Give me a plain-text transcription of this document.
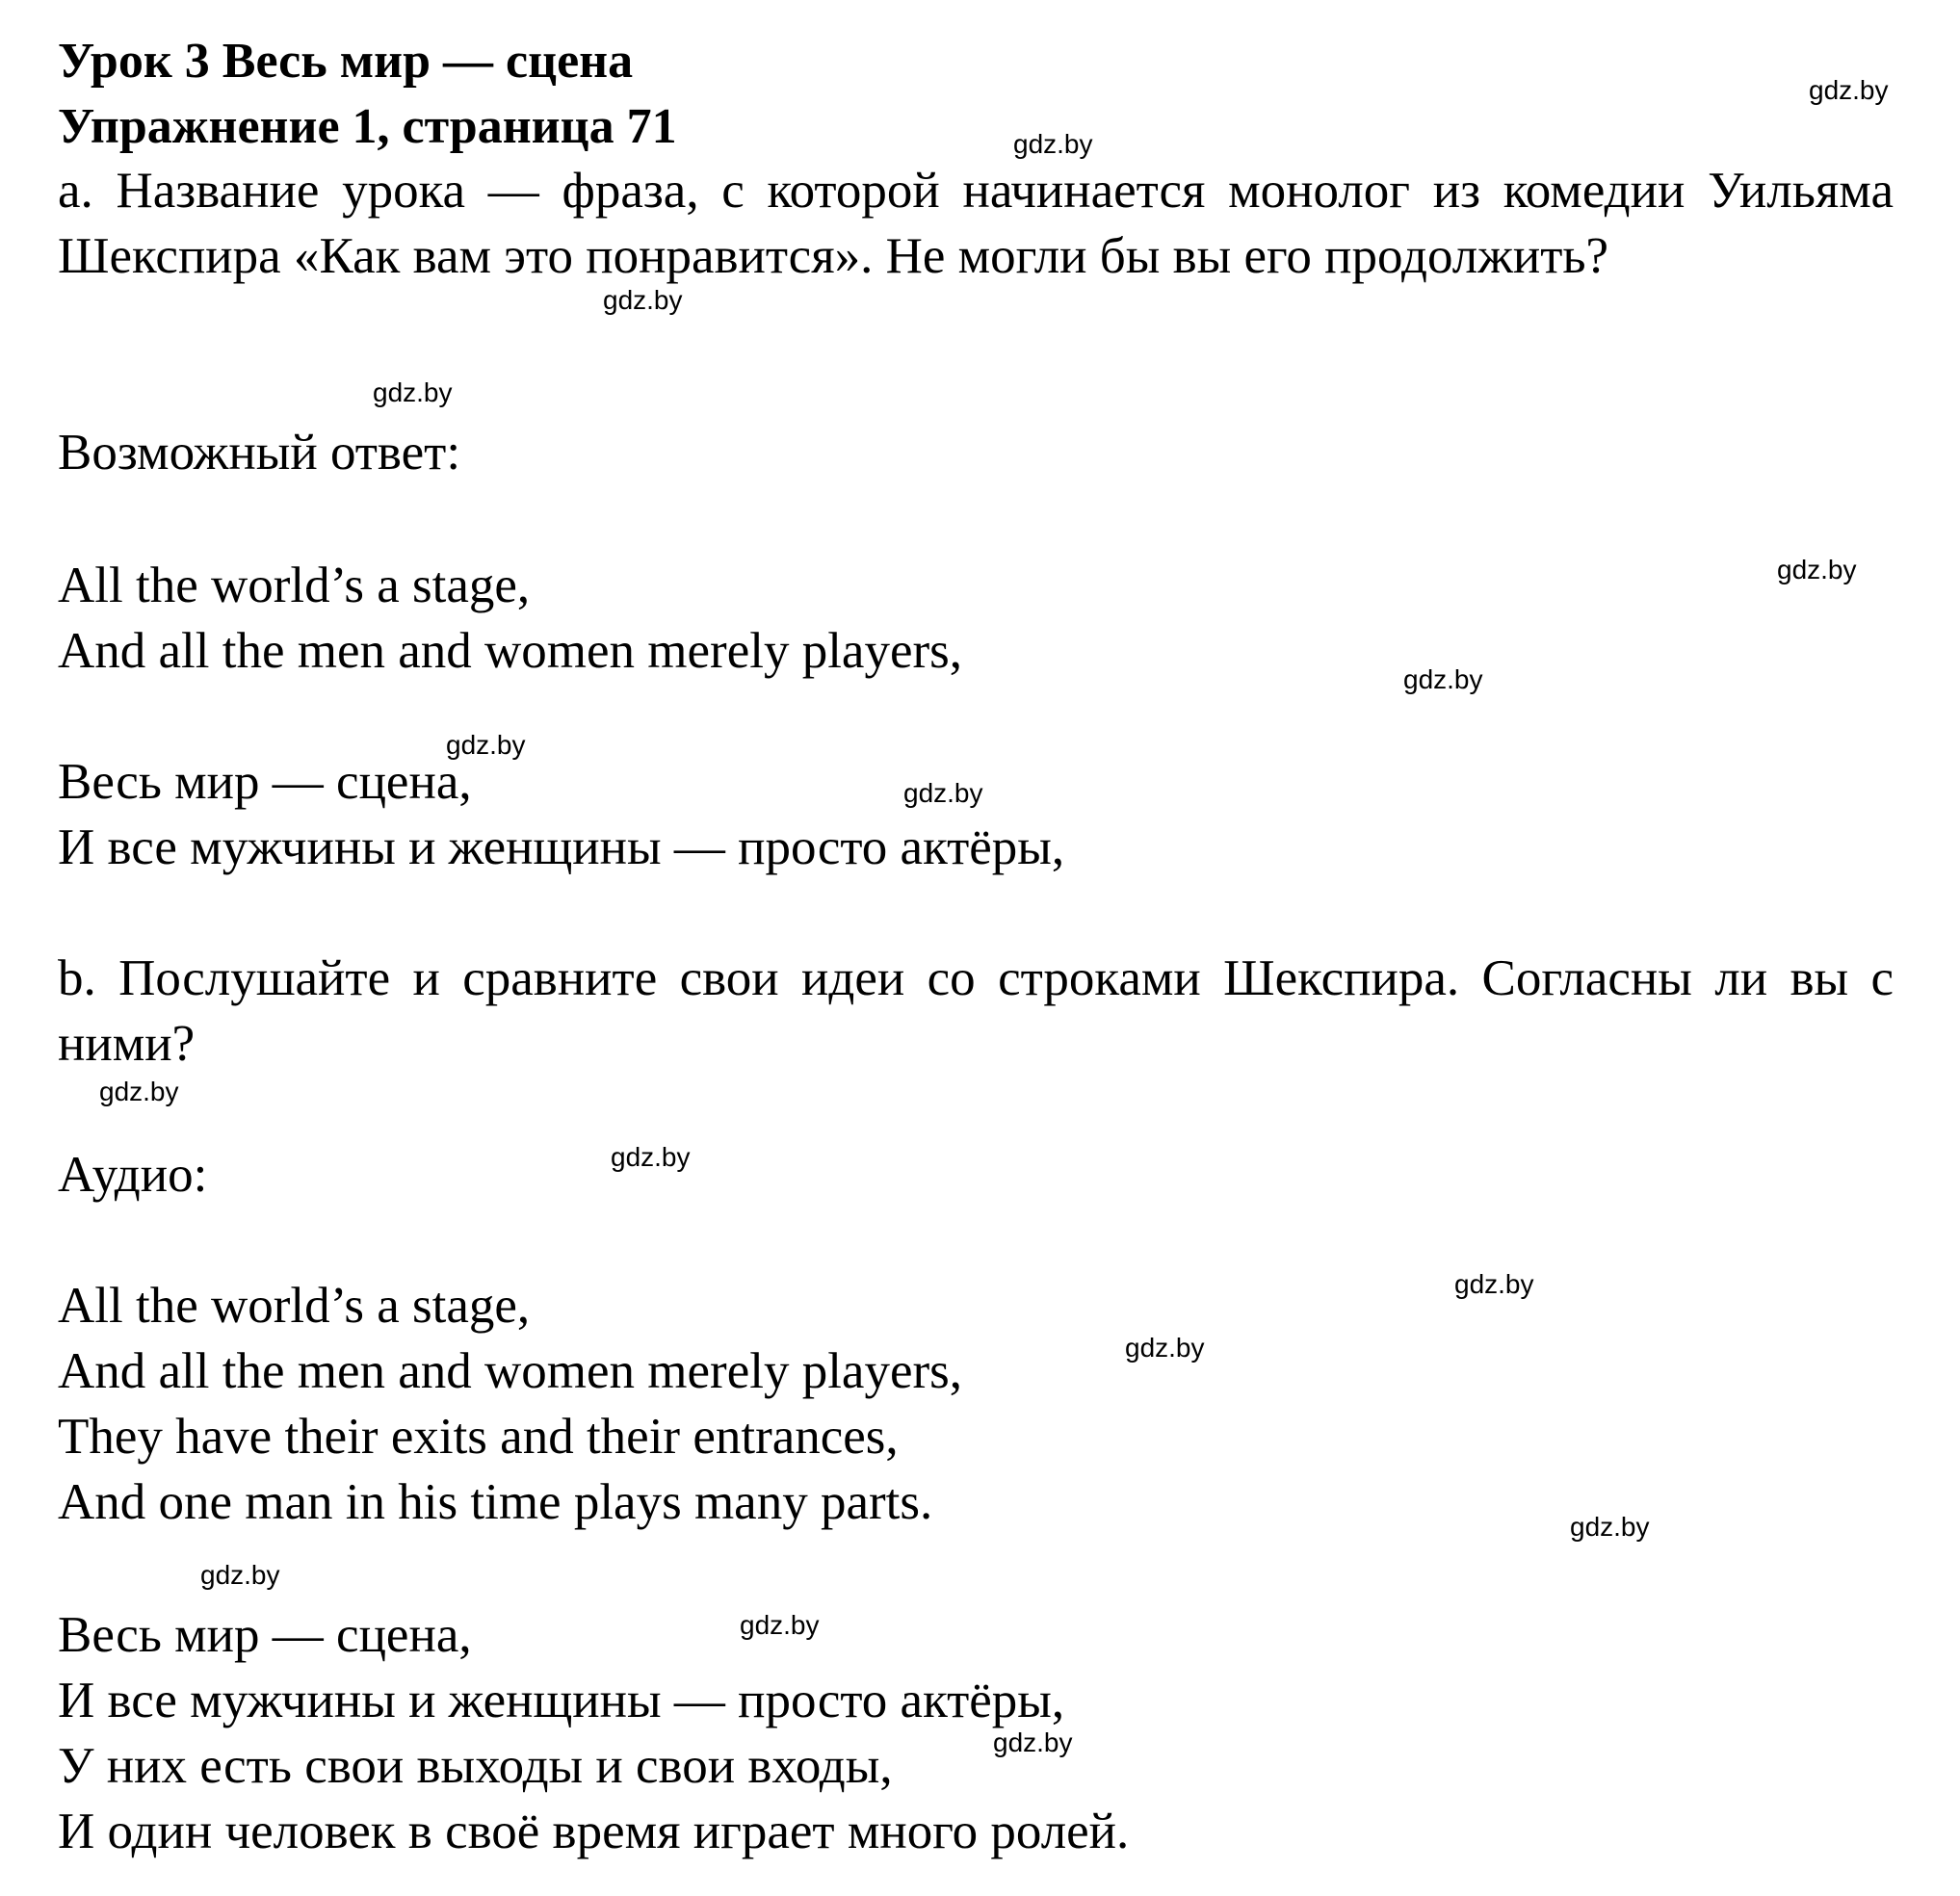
Урок 3 Весь мир — сцена
Упражнение 1, страница 71
a. Название урока — фраза, с которой начинается монолог из комедии Уильяма Шекспира «Как вам это понравится». Не могли бы вы его продолжить?
Возможный ответ:
All the world’s a stage,
And all the men and women merely players,
Весь мир — сцена,
И все мужчины и женщины — просто актёры,
b. Послушайте и сравните свои идеи со строками Шекспира. Согласны ли вы с ними?
Аудио:
All the world’s a stage,
And all the men and women merely players,
They have their exits and their entrances,
And one man in his time plays many parts.
Весь мир — сцена,
И все мужчины и женщины — просто актёры,
У них есть свои выходы и свои входы,
И один человек в своё время играет много ролей.
gdz.by
gdz.by
gdz.by
gdz.by
gdz.by
gdz.by
gdz.by
gdz.by
gdz.by
gdz.by
gdz.by
gdz.by
gdz.by
gdz.by
gdz.by
gdz.by
